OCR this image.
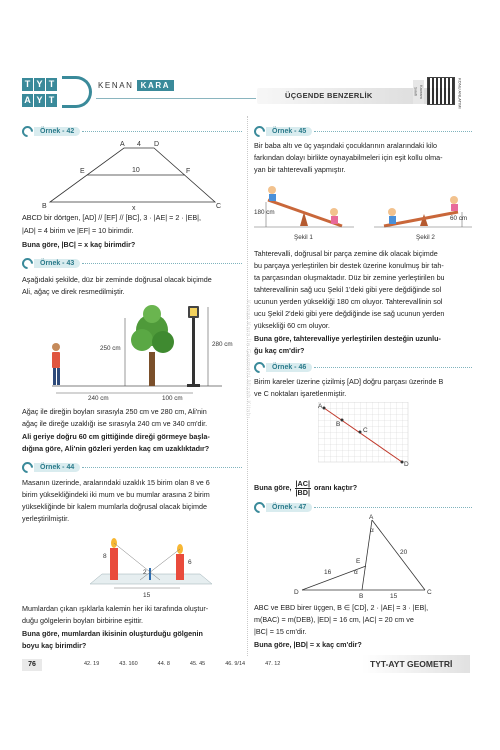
T Y T
A Y T
KENAN KARA
ÜÇGENDE BENZERLİK	Kavram Sınıfı	KONU ANLATIMI
Kenan Kara İle Geometri Mizah Kitabı
Örnek - 42
A	D
E	F
B	C
4
10
x

ABCD bir dörtgen, [AD] // [EF] // [BC], 3 · |AE| = 2 · |EB|,

|AD| = 4 birim ve |EF| = 10 birimdir.

Buna göre, |BC| = x kaç birimdir?

Örnek - 43

Aşağıdaki şekilde, düz bir zeminde doğrusal olacak biçimde

Ali, ağaç ve direk resmedilmiştir.

250 cm
280 cm
240 cm	100 cm

Ağaç ile direğin boyları sırasıyla 250 cm ve 280 cm, Ali'nin

ağaç ile direğe uzaklığı ise sırasıyla 240 cm ve 340 cm'dir.

Ali geriye doğru 60 cm gittiğinde direği görmeye başla-

dığına göre, Ali'nin gözleri yerden kaç cm uzaklıktadır?

Örnek - 44

Masanın üzerinde, aralarındaki uzaklık 15 birim olan 8 ve 6

birim yüksekliğindeki iki mum ve bu mumlar arasına 2 birim

yüksekliğinde bir kalem mumlarla doğrusal olacak biçimde

yerleştirilmiştir.

8
6
2
15

Mumlardan çıkan ışıklarla kalemin her iki tarafında oluştur-

duğu gölgelerin boyları birbirine eşittir.

Buna göre, mumlardan ikisinin oluşturduğu gölgenin

boyu kaç birimdir?

Örnek - 45

Bir baba altı ve üç yaşındaki çocuklarının aralarındaki kilo

farkından dolayı birlikte oynayabilmeleri için eşit kollu olma-

yan bir tahterevalli yapmıştır.

180 cm
60 cm
Şekil 1	Şekil 2

Tahterevalli, doğrusal bir parça zemine dik olacak biçimde

bu parçaya yerleştirilen bir destek üzerine konulmuş bir tah-

ta parçasından oluşmaktadır. Düz bir zemine yerleştirilen bu

tahterevallinin sağ ucu Şekil 1'deki gibi yere değdiğinde sol

ucunun yerden yüksekliği 180 cm oluyor. Tahterevallinin sol

ucu Şekil 2'deki gibi yere değdiğinde ise sağ ucunun yerden

yüksekliği 60 cm oluyor.

Buna göre, tahterevalliye yerleştirilen desteğin uzunlu-

ğu kaç cm'dir?

Örnek - 46

Birim kareler üzerine çizilmiş [AD] doğru parçası üzerinde B

ve C noktaları işaretlenmiştir.

A
B
C
D
Buna göre, $\frac{|AC|}{|BD|}$ oranı kaçtır?
Örnek - 47
A
E
D
B
C
α
α
16
20
15

ABC ve EBD birer üçgen, B ∈ [CD], 2 · |AE| = 3 · |EB|,

m(BAC) = m(DEB), |ED| = 16 cm, |AC| = 20 cm ve

|BC| = 15 cm'dir.

Buna göre, |BD| = x kaç cm'dir?

76	42. 19	43. 160	44. 8	45. 45	46. 9/14	47. 12	TYT-AYT GEOMETRİ
